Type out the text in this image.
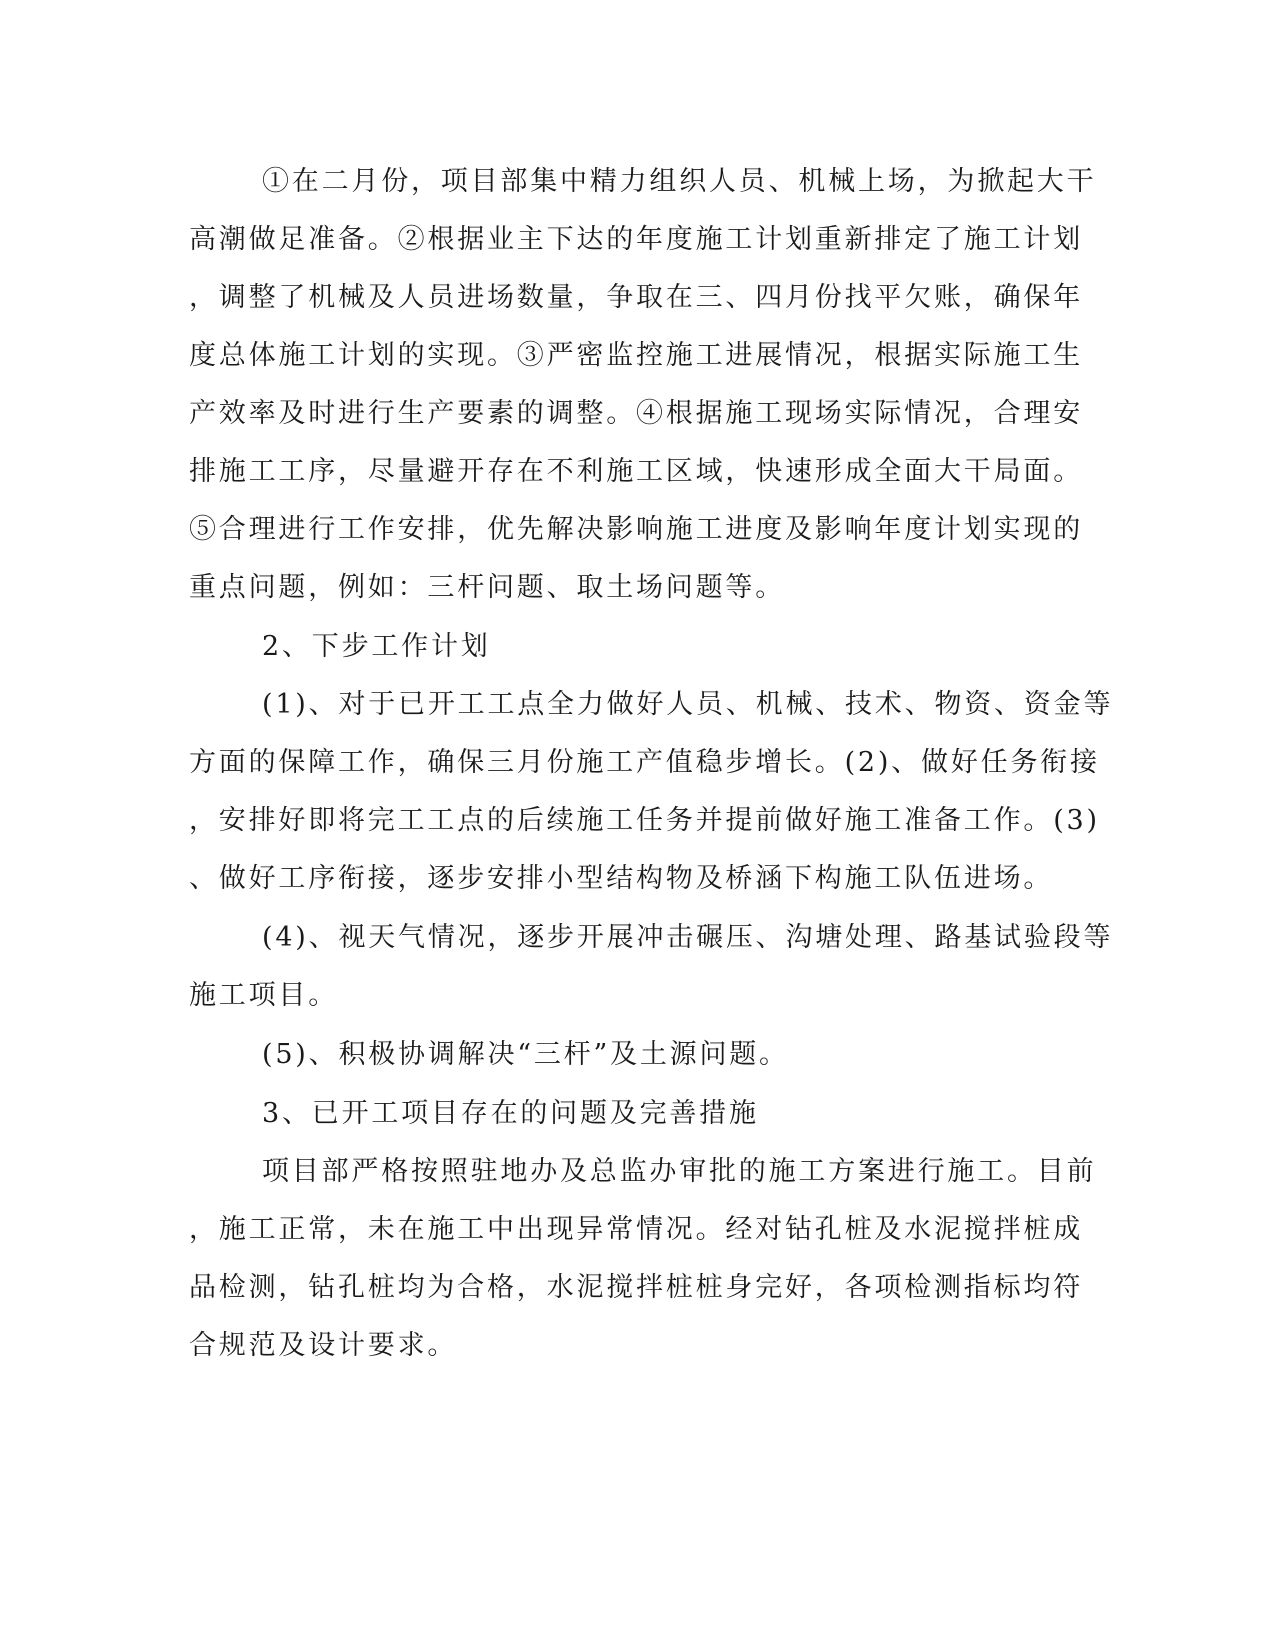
①在二月份，项目部集中精力组织人员、机械上场，为掀起大干
高潮做足准备。②根据业主下达的年度施工计划重新排定了施工计划
，调整了机械及人员进场数量，争取在三、四月份找平欠账，确保年
度总体施工计划的实现。③严密监控施工进展情况，根据实际施工生
产效率及时进行生产要素的调整。④根据施工现场实际情况，合理安
排施工工序，尽量避开存在不利施工区域，快速形成全面大干局面。
⑤合理进行工作安排，优先解决影响施工进度及影响年度计划实现的
重点问题，例如：三杆问题、取土场问题等。
2、下步工作计划
(1)、对于已开工工点全力做好人员、机械、技术、物资、资金等
方面的保障工作，确保三月份施工产值稳步增长。(2)、做好任务衔接
，安排好即将完工工点的后续施工任务并提前做好施工准备工作。(3)
、做好工序衔接，逐步安排小型结构物及桥涵下构施工队伍进场。
(4)、视天气情况，逐步开展冲击碾压、沟塘处理、路基试验段等
施工项目。
(5)、积极协调解决“三杆”及土源问题。
3、已开工项目存在的问题及完善措施
项目部严格按照驻地办及总监办审批的施工方案进行施工。目前
，施工正常，未在施工中出现异常情况。经对钻孔桩及水泥搅拌桩成
品检测，钻孔桩均为合格，水泥搅拌桩桩身完好，各项检测指标均符
合规范及设计要求。
